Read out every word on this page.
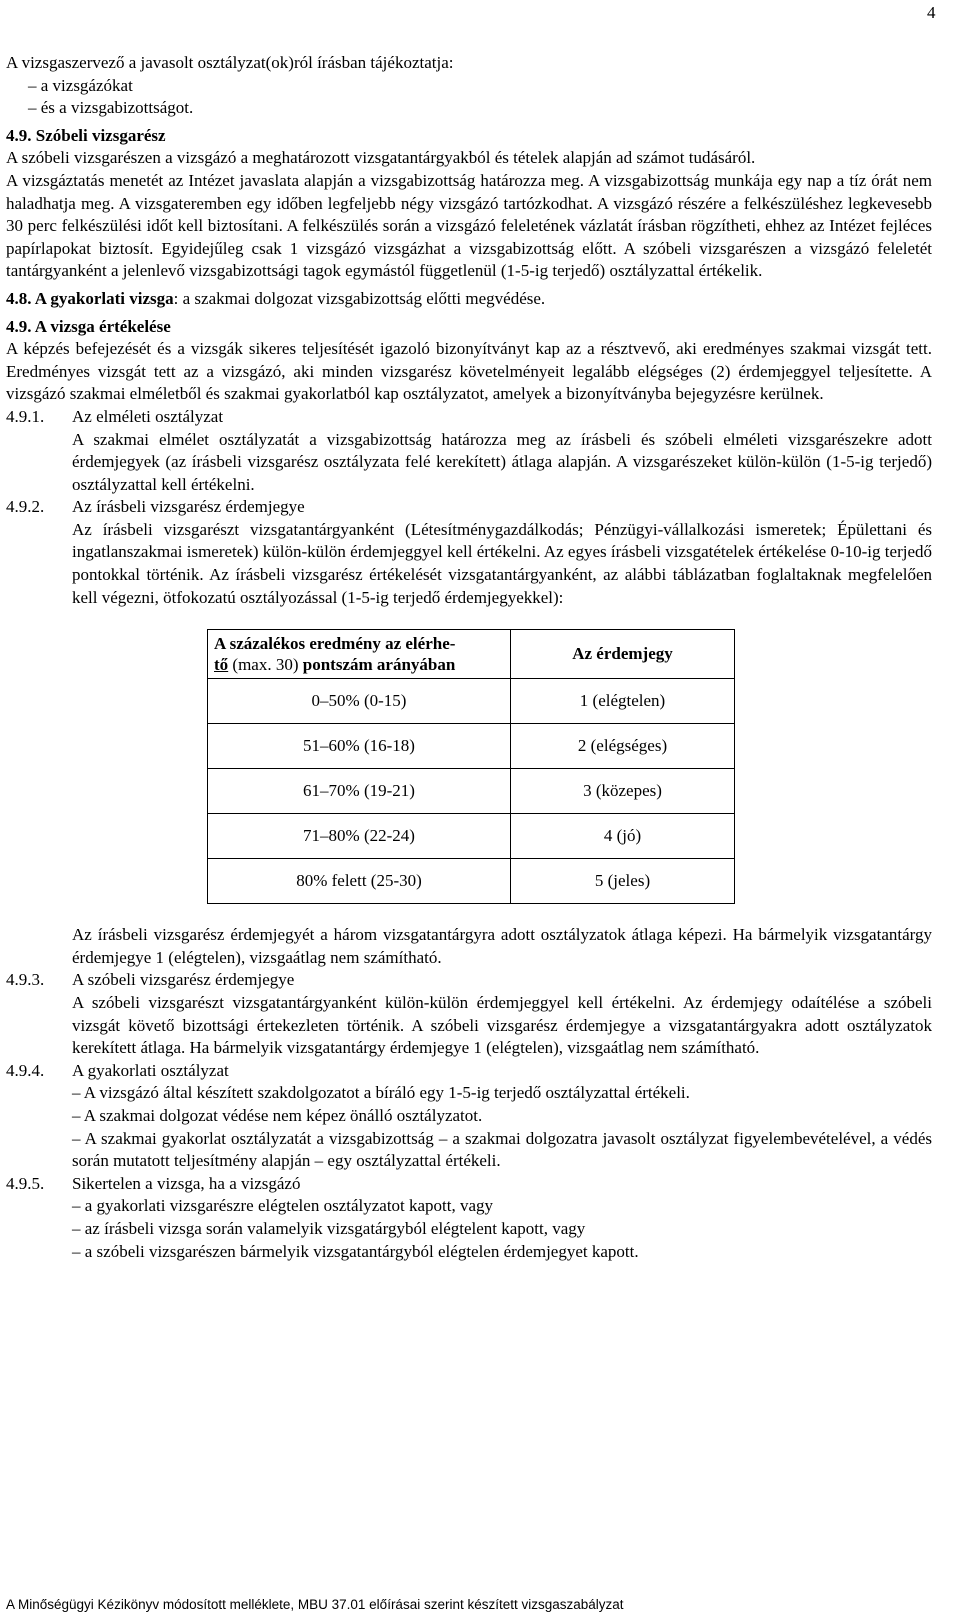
4

A vizsgaszervező a javasolt osztályzat(ok)ról írásban tájékoztatja:

– a vizsgázókat

– és a vizsgabizottságot.

4.9. Szóbeli vizsgarész

A szóbeli vizsgarészen a vizsgázó a meghatározott vizsgatantárgyakból és tételek alapján ad számot tudásáról.

A vizsgáztatás menetét az Intézet javaslata alapján a vizsgabizottság határozza meg. A vizsgabizottság munkája egy nap a tíz órát nem haladhatja meg. A vizsgateremben egy időben legfeljebb négy vizsgázó tartózkodhat. A vizsgázó részére a felkészüléshez legkevesebb 30 perc felkészülési időt kell biztosítani. A felkészülés során a vizsgázó feleletének vázlatát írásban rögzítheti, ehhez az Intézet fejléces papírlapokat biztosít. Egyidejűleg csak 1 vizsgázó vizsgázhat a vizsgabizottság előtt. A szóbeli vizsgarészen a vizsgázó feleletét tantárgyanként a jelenlevő vizsgabizottsági tagok egymástól függetlenül (1-5-ig terjedő) osztályzattal értékelik.

4.8. A gyakorlati vizsga: a szakmai dolgozat vizsgabizottság előtti megvédése.

4.9. A vizsga értékelése

A képzés befejezését és a vizsgák sikeres teljesítését igazoló bizonyítványt kap az a résztvevő, aki eredményes szakmai vizsgát tett. Eredményes vizsgát tett az a vizsgázó, aki minden vizsgarész követelményeit legalább elégséges (2) érdemjeggyel teljesítette. A vizsgázó szakmai elméletből és szakmai gyakorlatból kap osztályzatot, amelyek a bizonyítványba bejegyzésre kerülnek.

4.9.1.	Az elméleti osztályzat

A szakmai elmélet osztályzatát a vizsgabizottság határozza meg az írásbeli és szóbeli elméleti vizsgarészekre adott érdemjegyek (az írásbeli vizsgarész osztályzata felé kerekített) átlaga alapján. A vizsgarészeket külön-külön (1-5-ig terjedő) osztályzattal kell értékelni.

4.9.2.	Az írásbeli vizsgarész érdemjegye

Az írásbeli vizsgarészt vizsgatantárgyanként (Létesítménygazdálkodás; Pénzügyi-vállalkozási ismeretek; Épülettani és ingatlanszakmai ismeretek) külön-külön érdemjeggyel kell értékelni. Az egyes írásbeli vizsgatételek értékelése 0-10-ig terjedő pontokkal történik. Az írásbeli vizsgarész értékelését vizsgatantárgyanként, az alábbi táblázatban foglaltaknak megfelelően kell végezni, ötfokozatú osztályozással (1-5-ig terjedő érdemjegyekkel):

A százalékos eredmény az elérhe-
tő (max. 30) pontszám arányában	Az érdemjegy
0–50% (0-15)	1 (elégtelen)
51–60% (16-18)	2 (elégséges)
61–70% (19-21)	3 (közepes)
71–80% (22-24)	4 (jó)
80% felett (25-30)	5 (jeles)

Az írásbeli vizsgarész érdemjegyét a három vizsgatantárgyra adott osztályzatok átlaga képezi. Ha bármelyik vizsgatantárgy érdemjegye 1 (elégtelen), vizsgaátlag nem számítható.

4.9.3.	A szóbeli vizsgarész érdemjegye

A szóbeli vizsgarészt vizsgatantárgyanként külön-külön érdemjeggyel kell értékelni. Az érdemjegy odaítélése a szóbeli vizsgát követő bizottsági értekezleten történik. A szóbeli vizsgarész érdemjegye a vizsgatantárgyakra adott osztályzatok kerekített átlaga. Ha bármelyik vizsgatantárgy érdemjegye 1 (elégtelen), vizsgaátlag nem számítható.

4.9.4.	A gyakorlati osztályzat

– A vizsgázó által készített szakdolgozatot a bíráló egy 1-5-ig terjedő osztályzattal értékeli.

– A szakmai dolgozat védése nem képez önálló osztályzatot.

– A szakmai gyakorlat osztályzatát a vizsgabizottság – a szakmai dolgozatra javasolt osztályzat figyelembevételével, a védés során mutatott teljesítmény alapján – egy osztályzattal értékeli.

4.9.5.	Sikertelen a vizsga, ha a vizsgázó

– a gyakorlati vizsgarészre elégtelen osztályzatot kapott, vagy

– az írásbeli vizsga során valamelyik vizsgatárgyból elégtelent kapott, vagy

– a szóbeli vizsgarészen bármelyik vizsgatantárgyból elégtelen érdemjegyet kapott.

A Minőségügyi Kézikönyv módosított melléklete, MBU 37.01 előírásai szerint készített vizsgaszabályzat
